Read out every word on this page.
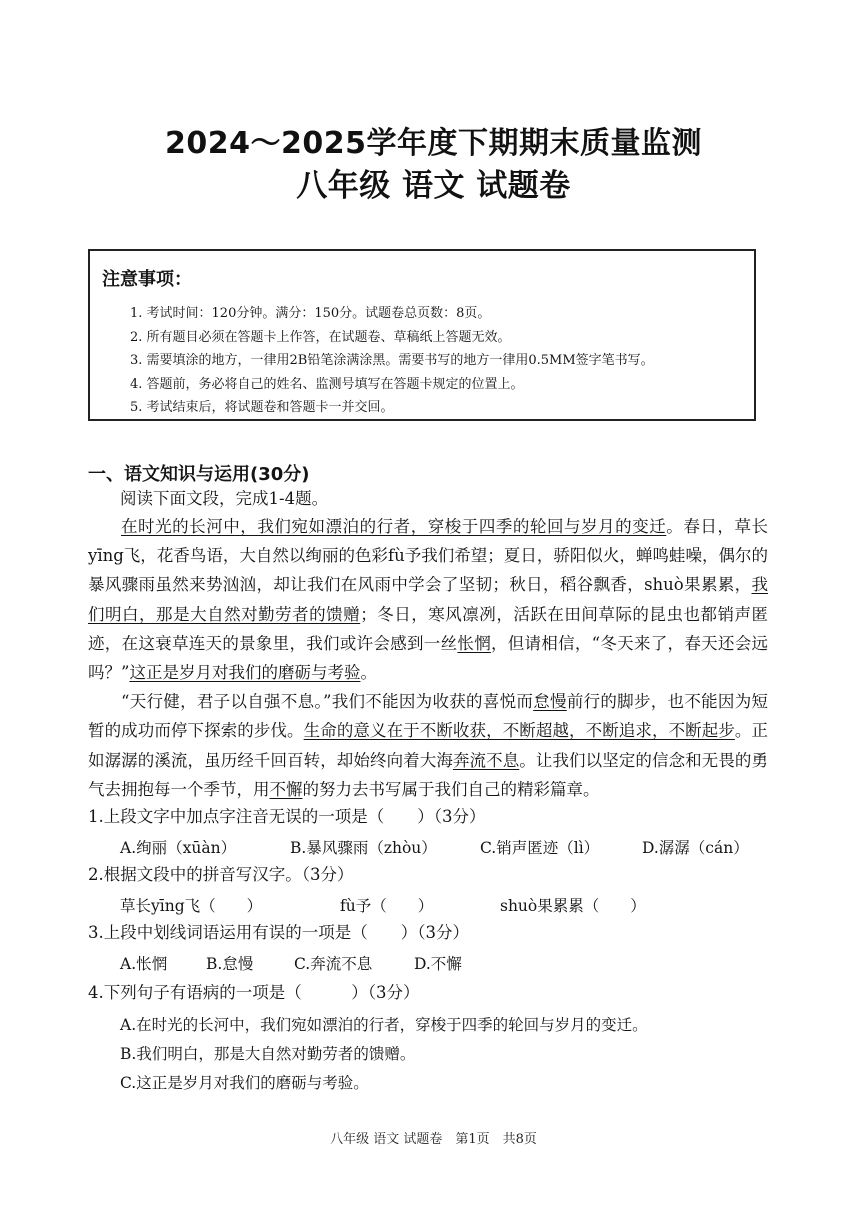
2024～2025学年度下期期末质量监测
八年级 语文 试题卷
注意事项：
1. 考试时间：120分钟。满分：150分。试题卷总页数：8页。
2. 所有题目必须在答题卡上作答，在试题卷、草稿纸上答题无效。
3. 需要填涂的地方，一律用2B铅笔涂满涂黑。需要书写的地方一律用0.5MM签字笔书写。
4. 答题前，务必将自己的姓名、监测号填写在答题卡规定的位置上。
5. 考试结束后，将试题卷和答题卡一并交回。
一、语文知识与运用(30分)
阅读下面文段，完成1-4题。

在时光的长河中，我们宛如漂泊的行者，穿梭于四季的轮回与岁月的变迁。春日，草长yīng飞，花香鸟语，大自然以绚丽的色彩fù予我们希望；夏日，骄阳似火，蝉鸣蛙噪，偶尔的暴风骤雨虽然来势汹汹，却让我们在风雨中学会了坚韧；秋日，稻谷飘香，shuò果累累，我们明白，那是大自然对勤劳者的馈赠；冬日，寒风凛冽，活跃在田间草际的昆虫也都销声匿迹，在这衰草连天的景象里，我们或许会感到一丝怅惘，但请相信，“冬天来了，春天还会远吗？”这正是岁月对我们的磨砺与考验。

“天行健，君子以自强不息。”我们不能因为收获的喜悦而怠慢前行的脚步，也不能因为短暂的成功而停下探索的步伐。生命的意义在于不断收获，不断超越，不断追求，不断起步。正如潺潺的溪流，虽历经千回百转，却始终向着大海奔流不息。让我们以坚定的信念和无畏的勇气去拥抱每一个季节，用不懈的努力去书写属于我们自己的精彩篇章。

1.上段文字中加点字注音无误的一项是（　　）（3分）
A.绚丽（xūàn）	B.暴风骤雨（zhòu）	C.销声匿迹（lì）	D.潺潺（cán）
2.根据文段中的拼音写汉字。（3分）
草长yīng飞（　　）	fù予（　　）	shuò果累累（　　）
3.上段中划线词语运用有误的一项是（　　）（3分）
A.怅惘	B.怠慢	C.奔流不息	D.不懈
4.下列句子有语病的一项是（　　　）（3分）
A.在时光的长河中，我们宛如漂泊的行者，穿梭于四季的轮回与岁月的变迁。
B.我们明白，那是大自然对勤劳者的馈赠。
C.这正是岁月对我们的磨砺与考验。
八年级 语文 试题卷　第1页　共8页
